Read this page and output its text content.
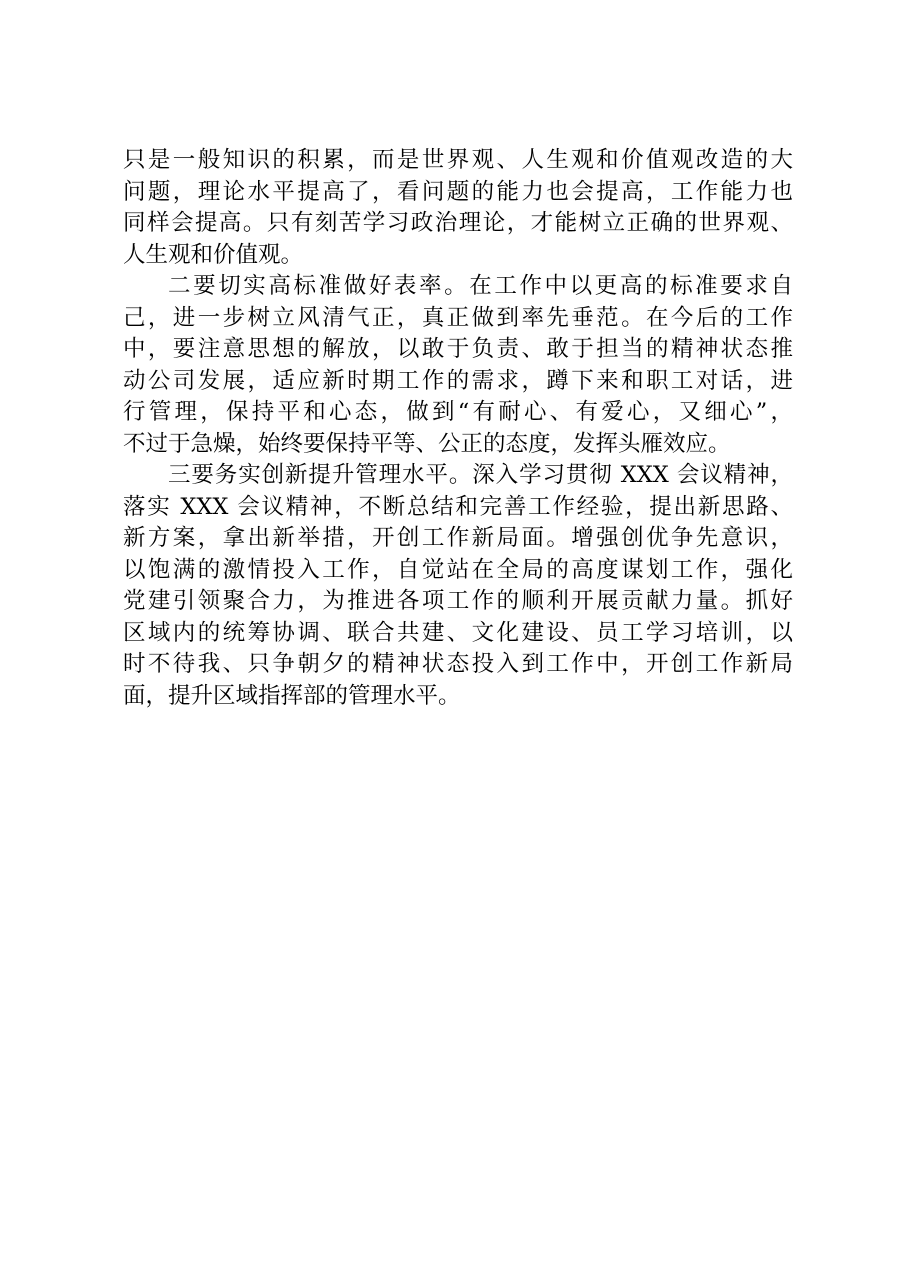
只是一般知识的积累，而是世界观、人生观和价值观改造的大
问题，理论水平提高了，看问题的能力也会提高，工作能力也
同样会提高。只有刻苦学习政治理论，才能树立正确的世界观、
人生观和价值观。
二要切实高标准做好表率。在工作中以更高的标准要求自
己，进一步树立风清气正，真正做到率先垂范。在今后的工作
中，要注意思想的解放，以敢于负责、敢于担当的精神状态推
动公司发展，适应新时期工作的需求，蹲下来和职工对话，进
行管理，保持平和心态，做到“有耐心、有爱心，又细心”，
不过于急燥，始终要保持平等、公正的态度，发挥头雁效应。
三要务实创新提升管理水平。深入学习贯彻 XXX 会议精神，
落实 XXX 会议精神，不断总结和完善工作经验，提出新思路、
新方案，拿出新举措，开创工作新局面。增强创优争先意识，
以饱满的激情投入工作，自觉站在全局的高度谋划工作，强化
党建引领聚合力，为推进各项工作的顺利开展贡献力量。抓好
区域内的统筹协调、联合共建、文化建设、员工学习培训，以
时不待我、只争朝夕的精神状态投入到工作中，开创工作新局
面，提升区域指挥部的管理水平。
